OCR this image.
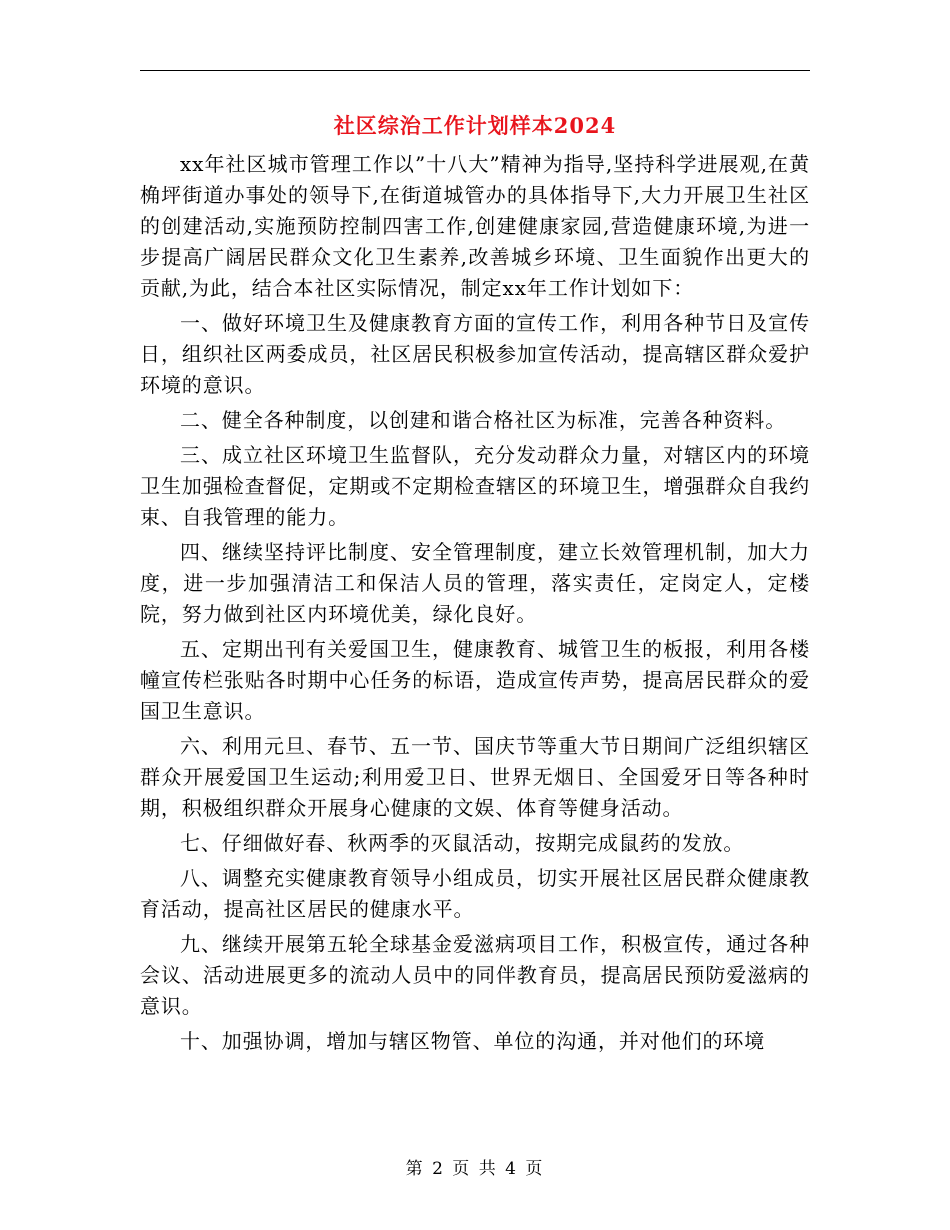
社区综治工作计划样本2024

xx年社区城市管理工作以”十八大”精神为指导,坚持科学进展观,在黄桷坪街道办事处的领导下,在街道城管办的具体指导下,大力开展卫生社区的创建活动,实施预防控制四害工作,创建健康家园,营造健康环境,为进一步提高广阔居民群众文化卫生素养,改善城乡环境、卫生面貌作出更大的贡献,为此，结合本社区实际情况，制定xx年工作计划如下：

一、做好环境卫生及健康教育方面的宣传工作，利用各种节日及宣传日，组织社区两委成员，社区居民积极参加宣传活动，提高辖区群众爱护环境的意识。

二、健全各种制度，以创建和谐合格社区为标准，完善各种资料。

三、成立社区环境卫生监督队，充分发动群众力量，对辖区内的环境卫生加强检查督促，定期或不定期检查辖区的环境卫生，增强群众自我约束、自我管理的能力。

四、继续坚持评比制度、安全管理制度，建立长效管理机制，加大力度，进一步加强清洁工和保洁人员的管理，落实责任，定岗定人，定楼院，努力做到社区内环境优美，绿化良好。

五、定期出刊有关爱国卫生，健康教育、城管卫生的板报，利用各楼幢宣传栏张贴各时期中心任务的标语，造成宣传声势，提高居民群众的爱国卫生意识。

六、利用元旦、春节、五一节、国庆节等重大节日期间广泛组织辖区群众开展爱国卫生运动;利用爱卫日、世界无烟日、全国爱牙日等各种时期，积极组织群众开展身心健康的文娱、体育等健身活动。

七、仔细做好春、秋两季的灭鼠活动，按期完成鼠药的发放。

八、调整充实健康教育领导小组成员，切实开展社区居民群众健康教育活动，提高社区居民的健康水平。

九、继续开展第五轮全球基金爱滋病项目工作，积极宣传，通过各种会议、活动进展更多的流动人员中的同伴教育员，提高居民预防爱滋病的意识。

十、加强协调，增加与辖区物管、单位的沟通，并对他们的环境

第 2 页 共 4 页
